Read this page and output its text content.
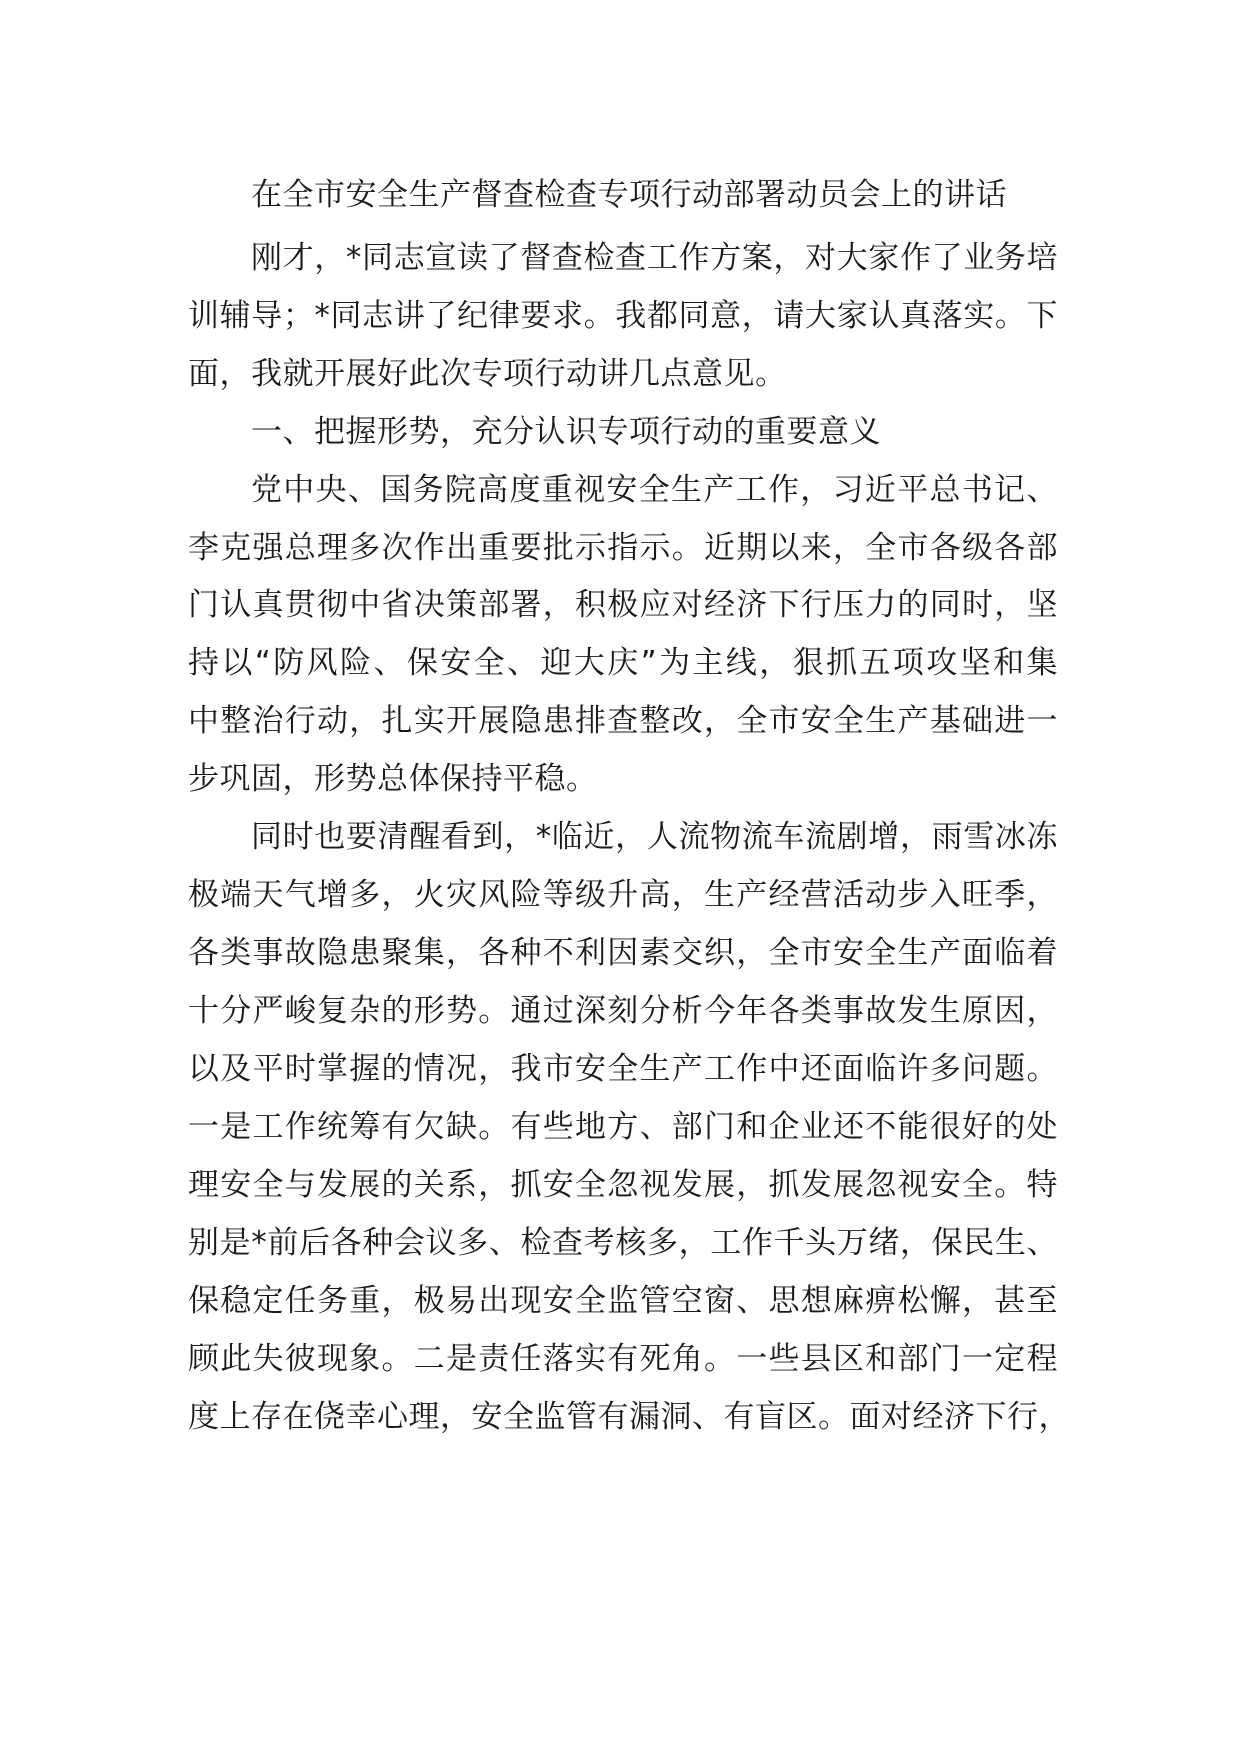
在全市安全生产督查检查专项行动部署动员会上的讲话
刚才，*同志宣读了督查检查工作方案，对大家作了业务培
训辅导；*同志讲了纪律要求。我都同意，请大家认真落实。下
面，我就开展好此次专项行动讲几点意见。
一、把握形势，充分认识专项行动的重要意义
党中央、国务院高度重视安全生产工作，习近平总书记、
李克强总理多次作出重要批示指示。近期以来，全市各级各部
门认真贯彻中省决策部署，积极应对经济下行压力的同时，坚
持以“防风险、保安全、迎大庆”为主线，狠抓五项攻坚和集
中整治行动，扎实开展隐患排查整改，全市安全生产基础进一
步巩固，形势总体保持平稳。
同时也要清醒看到，*临近，人流物流车流剧增，雨雪冰冻
极端天气增多，火灾风险等级升高，生产经营活动步入旺季，
各类事故隐患聚集，各种不利因素交织，全市安全生产面临着
十分严峻复杂的形势。通过深刻分析今年各类事故发生原因，
以及平时掌握的情况，我市安全生产工作中还面临许多问题。
一是工作统筹有欠缺。有些地方、部门和企业还不能很好的处
理安全与发展的关系，抓安全忽视发展，抓发展忽视安全。特
别是*前后各种会议多、检查考核多，工作千头万绪，保民生、
保稳定任务重，极易出现安全监管空窗、思想麻痹松懈，甚至
顾此失彼现象。二是责任落实有死角。一些县区和部门一定程
度上存在侥幸心理，安全监管有漏洞、有盲区。面对经济下行，
